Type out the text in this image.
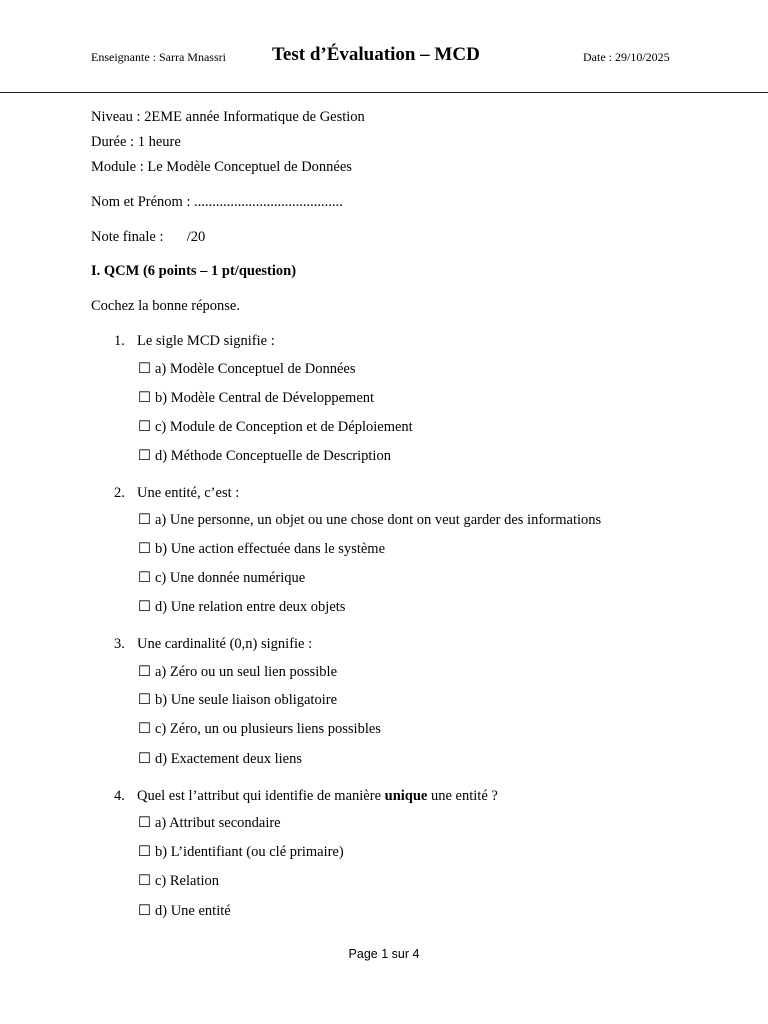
Enseignante : Sarra Mnassri Test d’Évaluation – MCD	Date : 29/10/2025
Niveau : 2EME année Informatique de Gestion
Durée : 1 heure
Module : Le Modèle Conceptuel de Données
Nom et Prénom : .........................................
Note finale : /20
I. QCM (6 points – 1 pt/question)
Cochez la bonne réponse.
1. Le sigle MCD signifie :
☐ a) Modèle Conceptuel de Données
☐ b) Modèle Central de Développement
☐ c) Module de Conception et de Déploiement
☐ d) Méthode Conceptuelle de Description
2. Une entité, c’est :
☐ a) Une personne, un objet ou une chose dont on veut garder des informations
☐ b) Une action effectuée dans le système
☐ c) Une donnée numérique
☐ d) Une relation entre deux objets
3. Une cardinalité (0,n) signifie :
☐ a) Zéro ou un seul lien possible
☐ b) Une seule liaison obligatoire
☐ c) Zéro, un ou plusieurs liens possibles
☐ d) Exactement deux liens
4. Quel est l’attribut qui identifie de manière unique une entité ?
☐ a) Attribut secondaire
☐ b) L’identifiant (ou clé primaire)
☐ c) Relation
☐ d) Une entité
Page 1 sur 4
